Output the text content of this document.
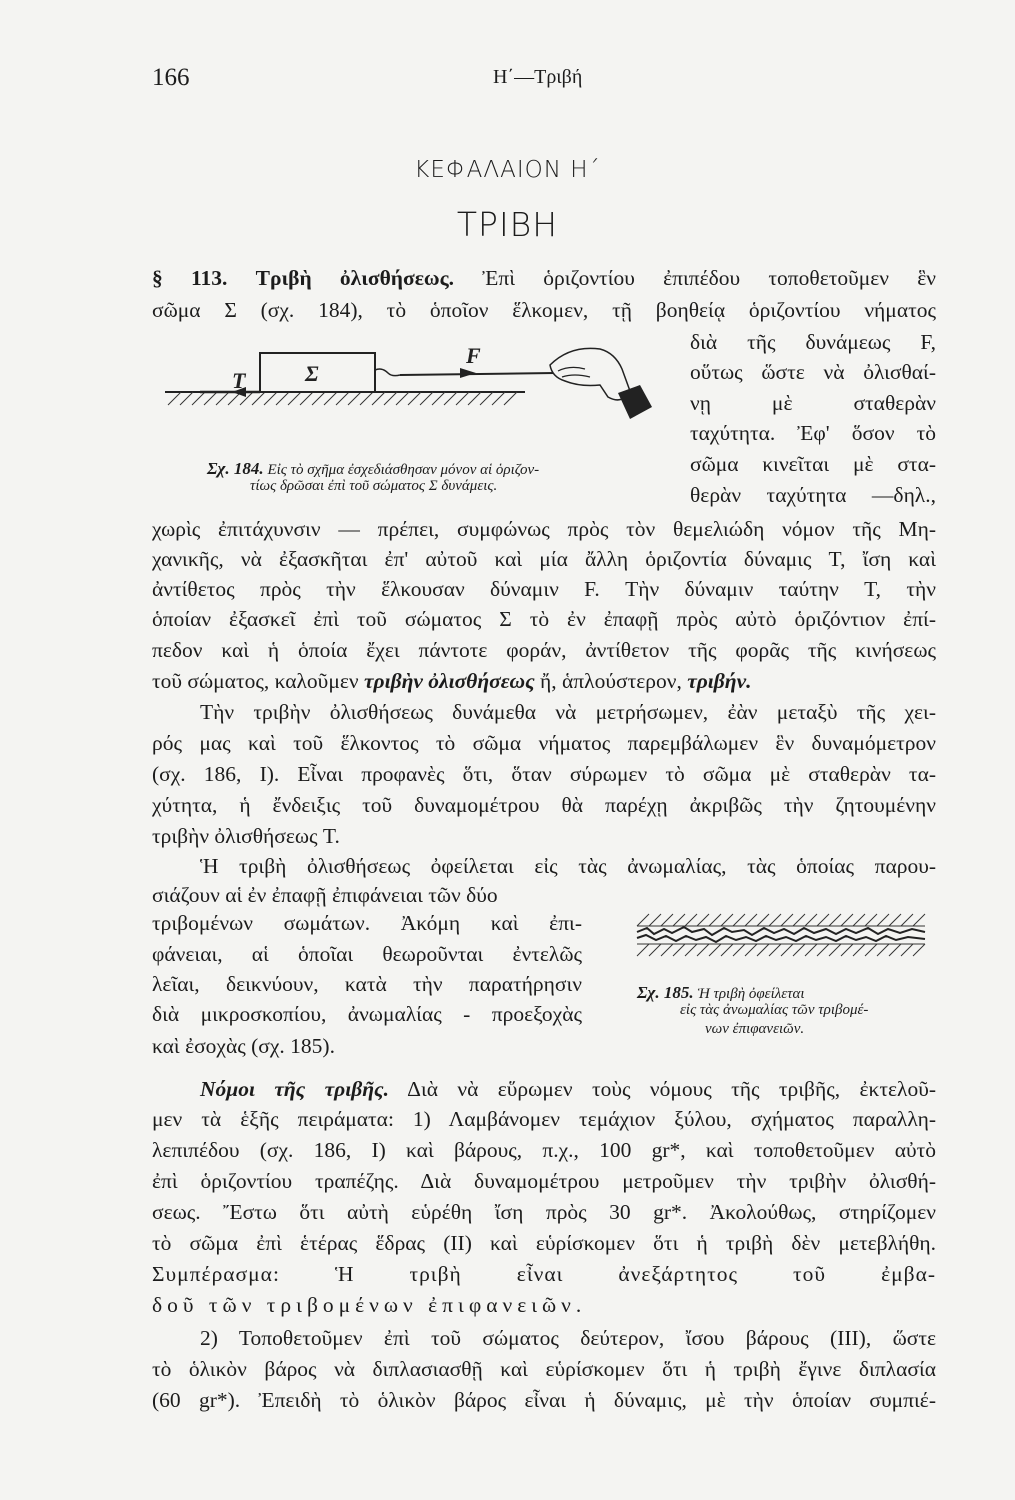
166	Η΄—Τριβή
ΚΕΦΑΛΑΙΟΝ Η΄
ΤΡΙΒΗ
§ 113. Τριβὴ ὀλισθήσεως. Ἐπὶ ὁριζοντίου ἐπιπέδου τοποθετοῦμεν ἓν
σῶμα Σ (σχ. 184), τὸ ὁποῖον ἕλκομεν, τῇ βοηθείᾳ ὁριζοντίου νήματος
διὰ τῆς δυνάμεως F,
οὕτως ὥστε νὰ ὀλισθαί-
νῃ μὲ σταθερὰν
ταχύτητα. Ἐφ' ὅσον τὸ
σῶμα κινεῖται μὲ στα-
θερὰν ταχύτητα —δηλ.,
T	Σ
F
Σχ. 184. Εἰς τὸ σχῆμα ἐσχεδιάσθησαν μόνον αἱ ὁριζον-
τίως δρῶσαι ἐπὶ τοῦ σώματος Σ δυνάμεις.
χωρὶς ἐπιτάχυνσιν — πρέπει, συμφώνως πρὸς τὸν θεμελιώδη νόμον τῆς Μη-
χανικῆς, νὰ ἐξασκῆται ἐπ' αὐτοῦ καὶ μία ἄλλη ὁριζοντία δύναμις T, ἴση καὶ
ἀντίθετος πρὸς τὴν ἕλκουσαν δύναμιν F. Τὴν δύναμιν ταύτην T, τὴν
ὁποίαν ἐξασκεῖ ἐπὶ τοῦ σώματος Σ τὸ ἐν ἐπαφῇ πρὸς αὐτὸ ὁριζόντιον ἐπί-
πεδον καὶ ἡ ὁποία ἔχει πάντοτε φοράν, ἀντίθετον τῆς φορᾶς τῆς κινήσεως
τοῦ σώματος, καλοῦμεν τριβὴν ὀλισθήσεως ἤ, ἁπλούστερον, τριβήν.
Τὴν τριβὴν ὀλισθήσεως δυνάμεθα νὰ μετρήσωμεν, ἐὰν μεταξὺ τῆς χει-
ρός μας καὶ τοῦ ἕλκοντος τὸ σῶμα νήματος παρεμβάλωμεν ἓν δυναμόμετρον
(σχ. 186, I). Εἶναι προφανὲς ὅτι, ὅταν σύρωμεν τὸ σῶμα μὲ σταθερὰν τα-
χύτητα, ἡ ἔνδειξις τοῦ δυναμομέτρου θὰ παρέχῃ ἀκριβῶς τὴν ζητουμένην
τριβὴν ὀλισθήσεως T.
Ἡ τριβὴ ὀλισθήσεως ὀφείλεται εἰς τὰς ἀνωμαλίας, τὰς ὁποίας παρου-
σιάζουν αἱ ἐν ἐπαφῇ ἐπιφάνειαι τῶν δύο
τριβομένων σωμάτων. Ἀκόμη καὶ ἐπι-
φάνειαι, αἱ ὁποῖαι θεωροῦνται ἐντελῶς
λεῖαι, δεικνύουν, κατὰ τὴν παρατήρησιν
διὰ μικροσκοπίου, ἀνωμαλίας - προεξοχὰς
καὶ ἐσοχὰς (σχ. 185).
Σχ. 185. Ἡ τριβὴ ὀφείλεται
εἰς τὰς ἀνωμαλίας τῶν τριβομέ-
νων ἐπιφανειῶν.
Νόμοι τῆς τριβῆς. Διὰ νὰ εὕρωμεν τοὺς νόμους τῆς τριβῆς, ἐκτελοῦ-
μεν τὰ ἑξῆς πειράματα: 1) Λαμβάνομεν τεμάχιον ξύλου, σχήματος παραλλη-
λεπιπέδου (σχ. 186, I) καὶ βάρους, π.χ., 100 gr*, καὶ τοποθετοῦμεν αὐτὸ
ἐπὶ ὁριζοντίου τραπέζης. Διὰ δυναμομέτρου μετροῦμεν τὴν τριβὴν ὀλισθή-
σεως. Ἔστω ὅτι αὐτὴ εὑρέθη ἴση πρὸς 30 gr*. Ἀκολούθως, στηρίζομεν
τὸ σῶμα ἐπὶ ἑτέρας ἕδρας (II) καὶ εὑρίσκομεν ὅτι ἡ τριβὴ δὲν μετεβλήθη.
Συμπέρασμα: Ἡ τριβὴ εἶναι ἀνεξάρτητος τοῦ ἐμβα-
δοῦ τῶν τριβομένων ἐπιφανειῶν.
2) Τοποθετοῦμεν ἐπὶ τοῦ σώματος δεύτερον, ἴσου βάρους (III), ὥστε
τὸ ὁλικὸν βάρος νὰ διπλασιασθῇ καὶ εὑρίσκομεν ὅτι ἡ τριβὴ ἔγινε διπλασία
(60 gr*). Ἐπειδὴ τὸ ὁλικὸν βάρος εἶναι ἡ δύναμις, μὲ τὴν ὁποίαν συμπιέ-
